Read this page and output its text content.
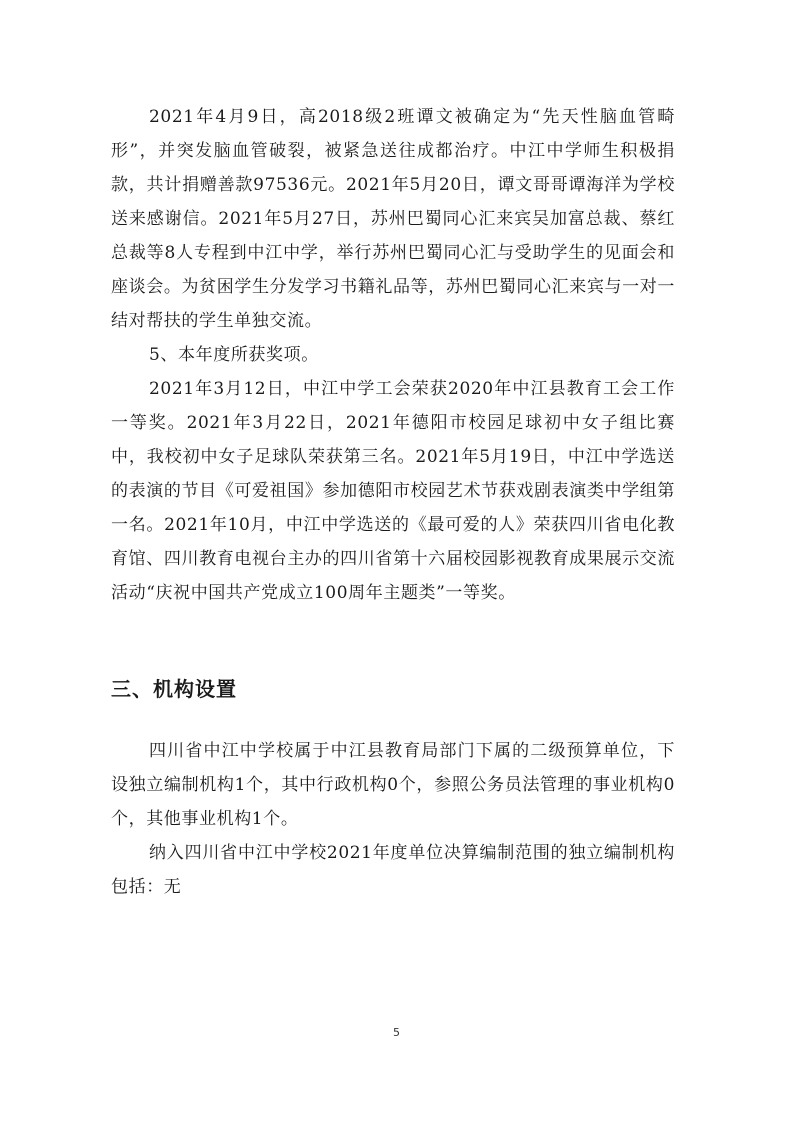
2021年4月9日，高2018级2班谭文被确定为“先天性脑血管畸形”，并突发脑血管破裂，被紧急送往成都治疗。中江中学师生积极捐款，共计捐赠善款97536元。2021年5月20日，谭文哥哥谭海洋为学校送来感谢信。2021年5月27日，苏州巴蜀同心汇来宾吴加富总裁、蔡红总裁等8人专程到中江中学，举行苏州巴蜀同心汇与受助学生的见面会和座谈会。为贫困学生分发学习书籍礼品等，苏州巴蜀同心汇来宾与一对一结对帮扶的学生单独交流。

5、本年度所获奖项。

2021年3月12日，中江中学工会荣获2020年中江县教育工会工作一等奖。2021年3月22日，2021年德阳市校园足球初中女子组比赛中，我校初中女子足球队荣获第三名。2021年5月19日，中江中学选送的表演的节目《可爱祖国》参加德阳市校园艺术节获戏剧表演类中学组第一名。2021年10月，中江中学选送的《最可爱的人》荣获四川省电化教育馆、四川教育电视台主办的四川省第十六届校园影视教育成果展示交流活动“庆祝中国共产党成立100周年主题类”一等奖。

三、机构设置

四川省中江中学校属于中江县教育局部门下属的二级预算单位，下设独立编制机构1个，其中行政机构0个，参照公务员法管理的事业机构0个，其他事业机构1个。

纳入四川省中江中学校2021年度单位决算编制范围的独立编制机构包括：无

5
